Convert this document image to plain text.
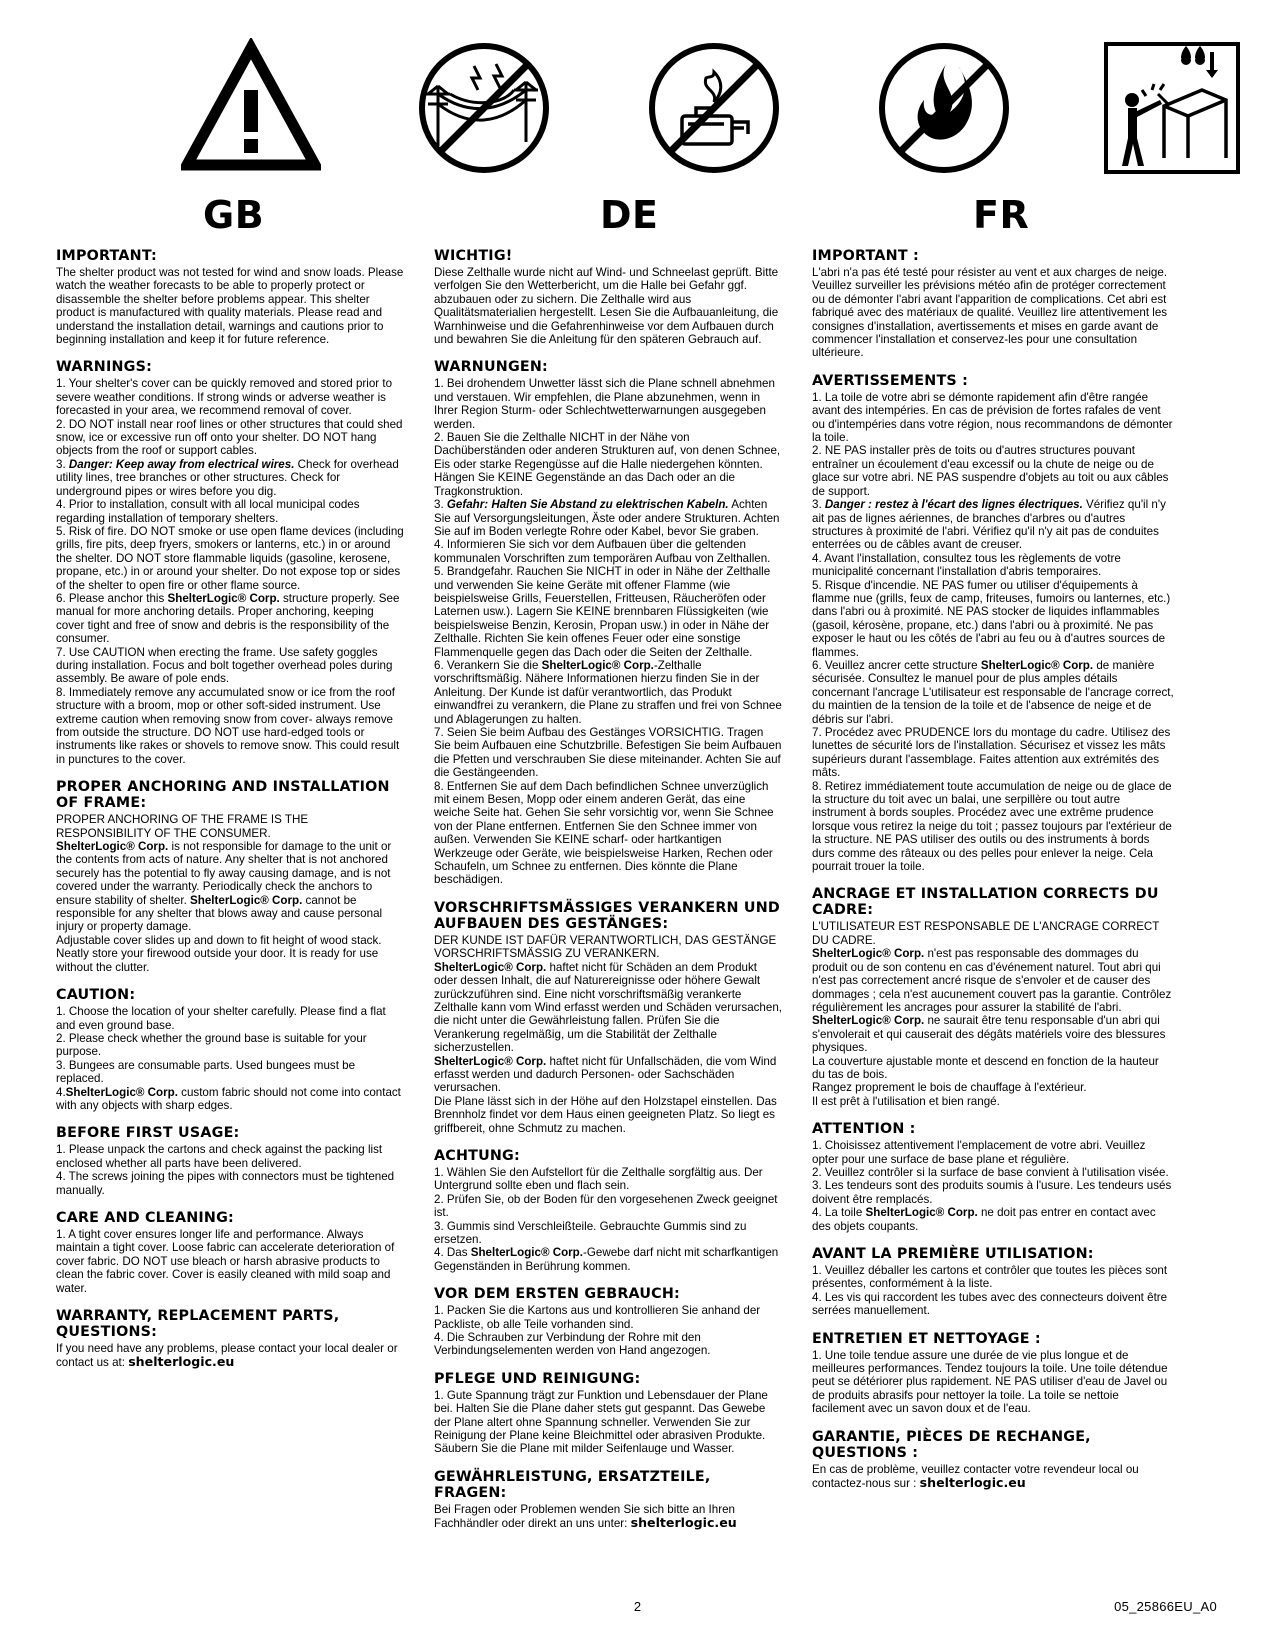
GB	DE	FR
IMPORTANT:

The shelter product was not tested for wind and snow loads. Please watch the weather forecasts to be able to properly protect or disassemble the shelter before problems appear. This shelter product is manufactured with quality materials. Please read and understand the installation detail, warnings and cautions prior to beginning installation and keep it for future reference.

WARNINGS:

1. Your shelter's cover can be quickly removed and stored prior to severe weather conditions. If strong winds or adverse weather is forecasted in your area, we recommend removal of cover.

2. DO NOT install near roof lines or other structures that could shed snow, ice or excessive run off onto your shelter. DO NOT hang objects from the roof or support cables.

3. Danger: Keep away from electrical wires. Check for overhead utility lines, tree branches or other structures. Check for underground pipes or wires before you dig.

4. Prior to installation, consult with all local municipal codes regarding installation of temporary shelters.

5. Risk of fire. DO NOT smoke or use open flame devices (including grills, fire pits, deep fryers, smokers or lanterns, etc.) in or around the shelter. DO NOT store flammable liquids (gasoline, kerosene, propane, etc.) in or around your shelter. Do not expose top or sides of the shelter to open fire or other flame source.

6. Please anchor this ShelterLogic® Corp. structure properly. See manual for more anchoring details. Proper anchoring, keeping cover tight and free of snow and debris is the responsibility of the consumer.

7. Use CAUTION when erecting the frame. Use safety goggles during installation. Focus and bolt together overhead poles during assembly. Be aware of pole ends.

8. Immediately remove any accumulated snow or ice from the roof structure with a broom, mop or other soft-sided instrument. Use extreme caution when removing snow from cover- always remove from outside the structure. DO NOT use hard-edged tools or instruments like rakes or shovels to remove snow. This could result in punctures to the cover.

PROPER ANCHORING AND INSTALLATION OF FRAME:

PROPER ANCHORING OF THE FRAME IS THE RESPONSIBILITY OF THE CONSUMER.

ShelterLogic® Corp. is not responsible for damage to the unit or the contents from acts of nature. Any shelter that is not anchored securely has the potential to fly away causing damage, and is not covered under the warranty. Periodically check the anchors to ensure stability of shelter. ShelterLogic® Corp. cannot be responsible for any shelter that blows away and cause personal injury or property damage.

Adjustable cover slides up and down to fit height of wood stack. Neatly store your firewood outside your door. It is ready for use without the clutter.

CAUTION:

1. Choose the location of your shelter carefully. Please find a flat and even ground base.

2. Please check whether the ground base is suitable for your purpose.

3. Bungees are consumable parts. Used bungees must be replaced.

4.ShelterLogic® Corp. custom fabric should not come into contact with any objects with sharp edges.

BEFORE FIRST USAGE:

1. Please unpack the cartons and check against the packing list enclosed whether all parts have been delivered.

4. The screws joining the pipes with connectors must be tightened manually.

CARE AND CLEANING:

1. A tight cover ensures longer life and performance. Always maintain a tight cover. Loose fabric can accelerate deterioration of cover fabric. DO NOT use bleach or harsh abrasive products to clean the fabric cover. Cover is easily cleaned with mild soap and water.

WARRANTY, REPLACEMENT PARTS, QUESTIONS:

If you need have any problems, please contact your local dealer or contact us at: shelterlogic.eu

WICHTIG!

Diese Zelthalle wurde nicht auf Wind- und Schneelast geprüft. Bitte verfolgen Sie den Wetterbericht, um die Halle bei Gefahr ggf. abzubauen oder zu sichern. Die Zelthalle wird aus Qualitätsmaterialien hergestellt. Lesen Sie die Aufbauanleitung, die Warnhinweise und die Gefahrenhinweise vor dem Aufbauen durch und bewahren Sie die Anleitung für den späteren Gebrauch auf.

WARNUNGEN:

1. Bei drohendem Unwetter lässt sich die Plane schnell abnehmen und verstauen. Wir empfehlen, die Plane abzunehmen, wenn in Ihrer Region Sturm- oder Schlechtwetterwarnungen ausgegeben werden.

2. Bauen Sie die Zelthalle NICHT in der Nähe von Dachüberständen oder anderen Strukturen auf, von denen Schnee, Eis oder starke Regengüsse auf die Halle niedergehen könnten. Hängen Sie KEINE Gegenstände an das Dach oder an die Tragkonstruktion.

3. Gefahr: Halten Sie Abstand zu elektrischen Kabeln. Achten Sie auf Versorgungsleitungen, Äste oder andere Strukturen. Achten Sie auf im Boden verlegte Rohre oder Kabel, bevor Sie graben.

4. Informieren Sie sich vor dem Aufbauen über die geltenden kommunalen Vorschriften zum temporären Aufbau von Zelthallen.

5. Brandgefahr. Rauchen Sie NICHT in oder in Nähe der Zelthalle und verwenden Sie keine Geräte mit offener Flamme (wie beispielsweise Grills, Feuerstellen, Fritteusen, Räucheröfen oder Laternen usw.). Lagern Sie KEINE brennbaren Flüssigkeiten (wie beispielsweise Benzin, Kerosin, Propan usw.) in oder in Nähe der Zelthalle. Richten Sie kein offenes Feuer oder eine sonstige Flammenquelle gegen das Dach oder die Seiten der Zelthalle.

6. Verankern Sie die ShelterLogic® Corp.-Zelthalle vorschriftsmäßig. Nähere Informationen hierzu finden Sie in der Anleitung. Der Kunde ist dafür verantwortlich, das Produkt einwandfrei zu verankern, die Plane zu straffen und frei von Schnee und Ablagerungen zu halten.

7. Seien Sie beim Aufbau des Gestänges VORSICHTIG. Tragen Sie beim Aufbauen eine Schutzbrille. Befestigen Sie beim Aufbauen die Pfetten und verschrauben Sie diese miteinander. Achten Sie auf die Gestängeenden.

8. Entfernen Sie auf dem Dach befindlichen Schnee unverzüglich mit einem Besen, Mopp oder einem anderen Gerät, das eine weiche Seite hat. Gehen Sie sehr vorsichtig vor, wenn Sie Schnee von der Plane entfernen. Entfernen Sie den Schnee immer von außen. Verwenden Sie KEINE scharf- oder hartkantigen Werkzeuge oder Geräte, wie beispielsweise Harken, Rechen oder Schaufeln, um Schnee zu entfernen. Dies könnte die Plane beschädigen.

VORSCHRIFTSMÄSSIGES VERANKERN UND AUFBAUEN DES GESTÄNGES:

DER KUNDE IST DAFÜR VERANTWORTLICH, DAS GESTÄNGE VORSCHRIFTSMÄSSIG ZU VERANKERN.

ShelterLogic® Corp. haftet nicht für Schäden an dem Produkt oder dessen Inhalt, die auf Naturereignisse oder höhere Gewalt zurückzuführen sind. Eine nicht vorschriftsmäßig verankerte Zelthalle kann vom Wind erfasst werden und Schäden verursachen, die nicht unter die Gewährleistung fallen. Prüfen Sie die Verankerung regelmäßig, um die Stabilität der Zelthalle sicherzustellen.

ShelterLogic® Corp. haftet nicht für Unfallschäden, die vom Wind erfasst werden und dadurch Personen- oder Sachschäden verursachen.

Die Plane lässt sich in der Höhe auf den Holzstapel einstellen. Das Brennholz findet vor dem Haus einen geeigneten Platz. So liegt es griffbereit, ohne Schmutz zu machen.

ACHTUNG:

1. Wählen Sie den Aufstellort für die Zelthalle sorgfältig aus. Der Untergrund sollte eben und flach sein.

2. Prüfen Sie, ob der Boden für den vorgesehenen Zweck geeignet ist.

3. Gummis sind Verschleißteile. Gebrauchte Gummis sind zu ersetzen.

4. Das ShelterLogic® Corp.-Gewebe darf nicht mit scharfkantigen Gegenständen in Berührung kommen.

VOR DEM ERSTEN GEBRAUCH:

1. Packen Sie die Kartons aus und kontrollieren Sie anhand der Packliste, ob alle Teile vorhanden sind.

4. Die Schrauben zur Verbindung der Rohre mit den Verbindungselementen werden von Hand angezogen.

PFLEGE UND REINIGUNG:

1. Gute Spannung trägt zur Funktion und Lebensdauer der Plane bei. Halten Sie die Plane daher stets gut gespannt. Das Gewebe der Plane altert ohne Spannung schneller. Verwenden Sie zur Reinigung der Plane keine Bleichmittel oder abrasiven Produkte. Säubern Sie die Plane mit milder Seifenlauge und Wasser.

GEWÄHRLEISTUNG, ERSATZTEILE, FRAGEN:

Bei Fragen oder Problemen wenden Sie sich bitte an Ihren Fachhändler oder direkt an uns unter: shelterlogic.eu

IMPORTANT :

L'abri n'a pas été testé pour résister au vent et aux charges de neige. Veuillez surveiller les prévisions météo afin de protéger correctement ou de démonter l'abri avant l'apparition de complications. Cet abri est fabriqué avec des matériaux de qualité. Veuillez lire attentivement les consignes d'installation, avertissements et mises en garde avant de commencer l'installation et conservez-les pour une consultation ultérieure.

AVERTISSEMENTS :

1. La toile de votre abri se démonte rapidement afin d'être rangée avant des intempéries. En cas de prévision de fortes rafales de vent ou d'intempéries dans votre région, nous recommandons de démonter la toile.

2. NE PAS installer près de toits ou d'autres structures pouvant entraîner un écoulement d'eau excessif ou la chute de neige ou de glace sur votre abri. NE PAS suspendre d'objets au toit ou aux câbles de support.

3. Danger : restez à l'écart des lignes électriques. Vérifiez qu'il n'y ait pas de lignes aériennes, de branches d'arbres ou d'autres structures à proximité de l'abri. Vérifiez qu'il n'y ait pas de conduites enterrées ou de câbles avant de creuser.

4. Avant l'installation, consultez tous les règlements de votre municipalité concernant l'installation d'abris temporaires.

5. Risque d'incendie. NE PAS fumer ou utiliser d'équipements à flamme nue (grills, feux de camp, friteuses, fumoirs ou lanternes, etc.) dans l'abri ou à proximité. NE PAS stocker de liquides inflammables (gasoil, kérosène, propane, etc.) dans l'abri ou à proximité. Ne pas exposer le haut ou les côtés de l'abri au feu ou à d'autres sources de flammes.

6. Veuillez ancrer cette structure ShelterLogic® Corp. de manière sécurisée. Consultez le manuel pour de plus amples détails concernant l'ancrage L'utilisateur est responsable de l'ancrage correct, du maintien de la tension de la toile et de l'absence de neige et de débris sur l'abri.

7. Procédez avec PRUDENCE lors du montage du cadre. Utilisez des lunettes de sécurité lors de l'installation. Sécurisez et vissez les mâts supérieurs durant l'assemblage. Faites attention aux extrémités des mâts.

8. Retirez immédiatement toute accumulation de neige ou de glace de la structure du toit avec un balai, une serpillère ou tout autre instrument à bords souples. Procédez avec une extrême prudence lorsque vous retirez la neige du toit ; passez toujours par l'extérieur de la structure. NE PAS utiliser des outils ou des instruments à bords durs comme des râteaux ou des pelles pour enlever la neige. Cela pourrait trouer la toile.

ANCRAGE ET INSTALLATION CORRECTS DU CADRE:

L'UTILISATEUR EST RESPONSABLE DE L'ANCRAGE CORRECT DU CADRE.

ShelterLogic® Corp. n'est pas responsable des dommages du produit ou de son contenu en cas d'événement naturel. Tout abri qui n'est pas correctement ancré risque de s'envoler et de causer des dommages ; cela n'est aucunement couvert pas la garantie. Contrôlez régulièrement les ancrages pour assurer la stabilité de l'abri. ShelterLogic® Corp. ne saurait être tenu responsable d'un abri qui s'envolerait et qui causerait des dégâts matériels voire des blessures physiques.

La couverture ajustable monte et descend en fonction de la hauteur du tas de bois.

Rangez proprement le bois de chauffage à l'extérieur.

Il est prêt à l'utilisation et bien rangé.

ATTENTION :

1. Choisissez attentivement l'emplacement de votre abri. Veuillez opter pour une surface de base plane et régulière.

2. Veuillez contrôler si la surface de base convient à l'utilisation visée.

3. Les tendeurs sont des produits soumis à l'usure. Les tendeurs usés doivent être remplacés.

4. La toile ShelterLogic® Corp. ne doit pas entrer en contact avec des objets coupants.

AVANT LA PREMIÈRE UTILISATION:

1. Veuillez déballer les cartons et contrôler que toutes les pièces sont présentes, conformément à la liste.

4. Les vis qui raccordent les tubes avec des connecteurs doivent être serrées manuellement.

ENTRETIEN ET NETTOYAGE :

1. Une toile tendue assure une durée de vie plus longue et de meilleures performances. Tendez toujours la toile. Une toile détendue peut se détériorer plus rapidement. NE PAS utiliser d'eau de Javel ou de produits abrasifs pour nettoyer la toile. La toile se nettoie facilement avec un savon doux et de l'eau.

GARANTIE, PIÈCES DE RECHANGE, QUESTIONS :

En cas de problème, veuillez contacter votre revendeur local ou contactez-nous sur : shelterlogic.eu

2	05_25866EU_A0
